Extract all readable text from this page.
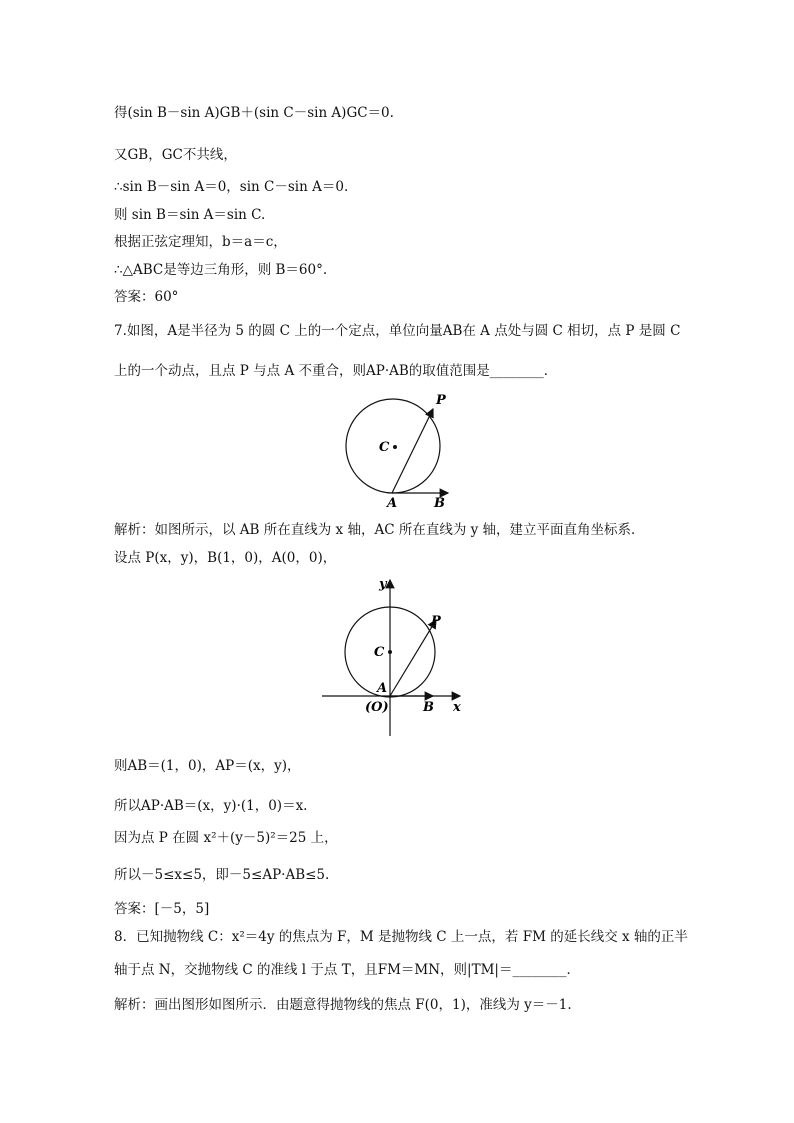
得(sin B－sin A)GB＋(sin C－sin A)GC＝0.
又GB，GC不共线，
∴sin B－sin A＝0，sin C－sin A＝0.
则 sin B＝sin A＝sin C.
根据正弦定理知，b＝a＝c，
∴△ABC是等边三角形，则 B＝60°.
答案：60°
7.如图，A是半径为 5 的圆 C 上的一个定点，单位向量AB在 A 点处与圆 C 相切，点 P 是圆 C
上的一个动点，且点 P 与点 A 不重合，则AP·AB的取值范围是________．
C
P
A	B
解析：如图所示，以 AB 所在直线为 x 轴，AC 所在直线为 y 轴，建立平面直角坐标系．
设点 P(x，y)，B(1，0)，A(0，0)，
y
x
C
P
A
(O)	B
则AB＝(1，0)，AP＝(x，y)，
所以AP·AB＝(x，y)·(1，0)＝x.
因为点 P 在圆 x²＋(y－5)²＝25 上，
所以－5≤x≤5，即－5≤AP·AB≤5.
答案：[－5，5]
8．已知抛物线 C：x²＝4y 的焦点为 F，M 是抛物线 C 上一点，若 FM 的延长线交 x 轴的正半
轴于点 N，交抛物线 C 的准线 l 于点 T，且FM＝MN，则|TM|＝________．
解析：画出图形如图所示．由题意得抛物线的焦点 F(0，1)，准线为 y＝－1.
